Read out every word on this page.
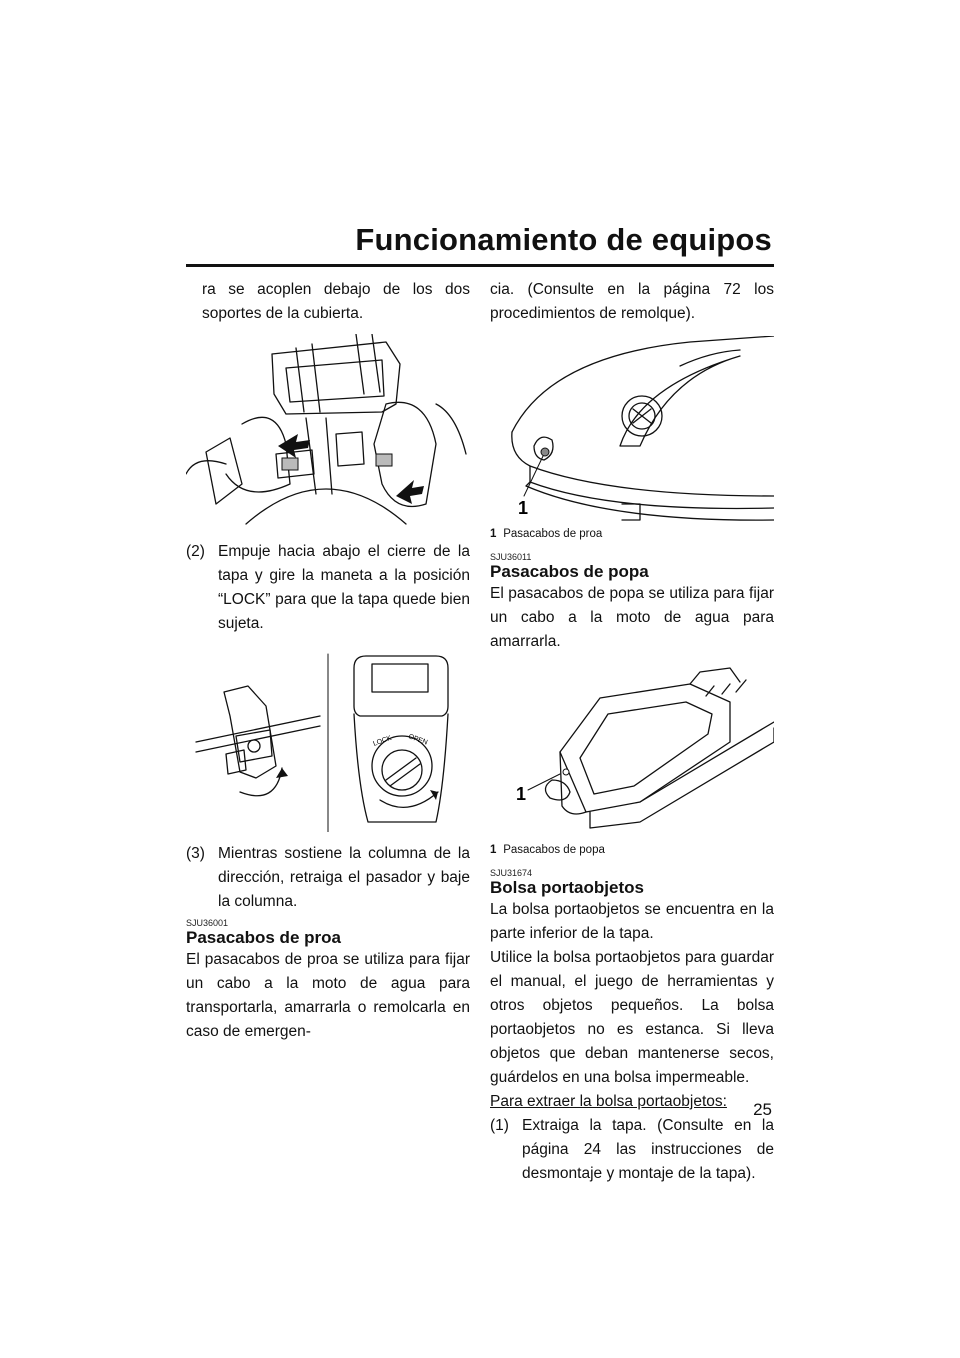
Funcionamiento de equipos

ra se acoplen debajo de los dos soportes de la cubierta.

(2) Empuje hacia abajo el cierre de la tapa y gire la maneta a la posición “LOCK” para que la tapa quede bien sujeta.
LOCK OPEN
(3) Mientras sostiene la columna de la dirección, retraiga el pasador y baje la columna.
SJU36001
Pasacabos de proa

El pasacabos de proa se utiliza para fijar un cabo a la moto de agua para transportarla, amarrarla o remolcarla en caso de emergen-

cia. (Consulte en la página 72 los procedimientos de remolque).

1
1 Pasacabos de proa
SJU36011
Pasacabos de popa

El pasacabos de popa se utiliza para fijar un cabo a la moto de agua para amarrarla.

1
1 Pasacabos de popa
SJU31674
Bolsa portaobjetos

La bolsa portaobjetos se encuentra en la parte inferior de la tapa.

Utilice la bolsa portaobjetos para guardar el manual, el juego de herramientas y otros objetos pequeños. La bolsa portaobjetos no es estanca. Si lleva objetos que deban mantenerse secos, guárdelos en una bolsa impermeable.

Para extraer la bolsa portaobjetos:

(1) Extraiga la tapa. (Consulte en la página 24 las instrucciones de desmontaje y montaje de la tapa).
25
